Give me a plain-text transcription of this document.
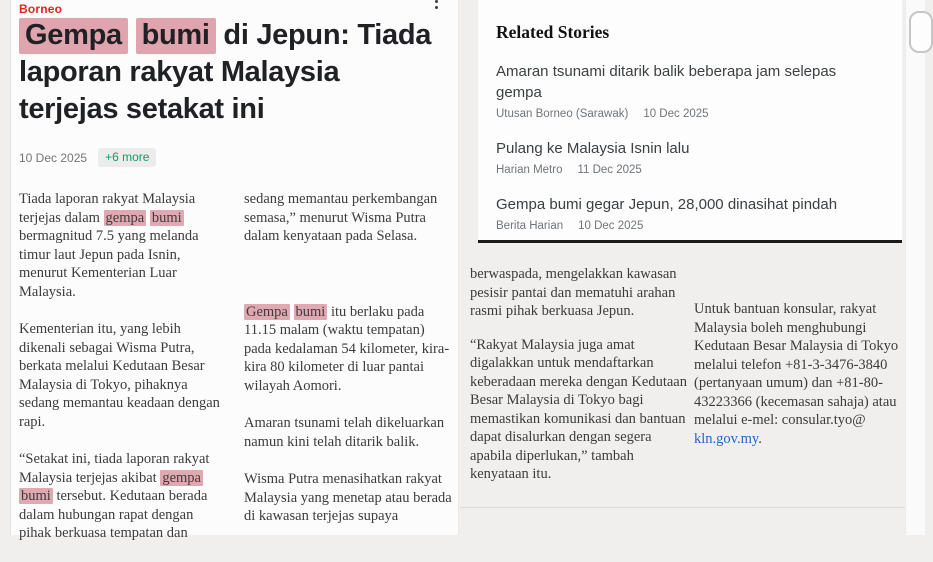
Borneo
Gempa bumi di Jepun: Tiada laporan rakyat Malaysia terjejas setakat ini
10 Dec 2025	+6 more

Tiada laporan rakyat Malaysia terjejas dalam gempa bumi bermagnitud 7.5 yang melanda timur laut Jepun pada Isnin, menurut Kementerian Luar Malaysia.

Kementerian itu, yang lebih dikenali sebagai Wisma Putra, berkata melalui Kedutaan Besar Malaysia di Tokyo, pihaknya sedang memantau keadaan dengan rapi.

“Setakat ini, tiada laporan rakyat Malaysia terjejas akibat gempa bumi tersebut. Kedutaan berada dalam hubungan rapat dengan pihak berkuasa tempatan dan

sedang memantau perkembangan semasa,” menurut Wisma Putra dalam kenyataan pada Selasa.

Gempa bumi itu berlaku pada 11.15 malam (waktu tempatan) pada kedalaman 54 kilometer, kira-kira 80 kilometer di luar pantai wilayah Aomori.

Amaran tsunami telah dikeluarkan namun kini telah ditarik balik.

Wisma Putra menasihatkan rakyat Malaysia yang menetap atau berada di kawasan terjejas supaya

Related Stories
Amaran tsunami ditarik balik beberapa jam selepas gempa
Utusan Borneo (Sarawak) 10 Dec 2025
Pulang ke Malaysia Isnin lalu
Harian Metro 11 Dec 2025
Gempa bumi gegar Jepun, 28,000 dinasihat pindah
Berita Harian 10 Dec 2025

berwaspada, mengelakkan kawasan pesisir pantai dan mematuhi arahan rasmi pihak berkuasa Jepun.

“Rakyat Malaysia juga amat digalakkan untuk mendaftarkan keberadaan mereka dengan Kedutaan Besar Malaysia di Tokyo bagi memastikan komunikasi dan bantuan dapat disalurkan dengan segera apabila diperlukan,” tambah kenyataan itu.

Untuk bantuan konsular, rakyat Malaysia boleh menghubungi Kedutaan Besar Malaysia di Tokyo melalui telefon +81-3-3476-3840 (pertanyaan umum) dan +81-80-43223366 (kecemasan sahaja) atau melalui e-mel: consular.tyo@ kln.gov.my.
